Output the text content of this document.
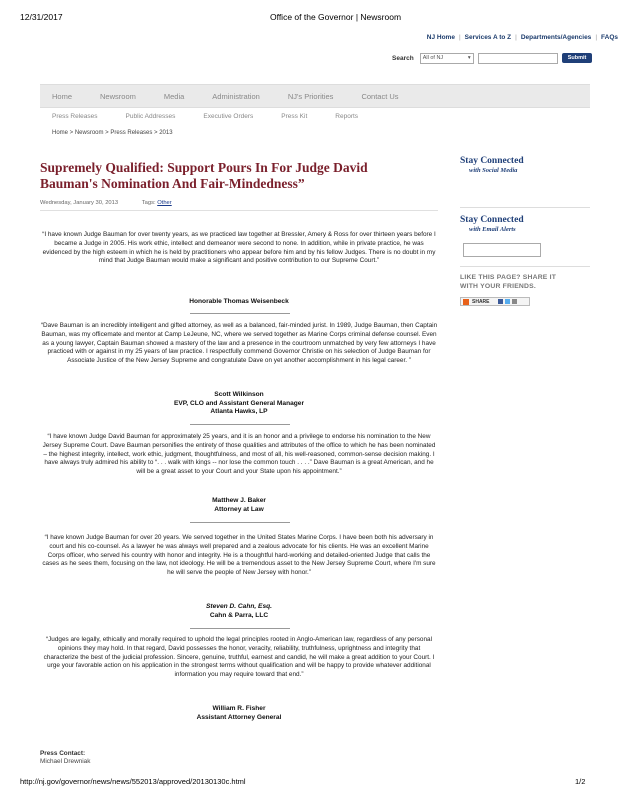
12/31/2017	Office of the Governor | Newsroom
NJ Home | Services A to Z | Departments/Agencies | FAQs
Search All of NJ	▾	Submit
Home	Newsroom	Media	Administration	NJ's Priorities	Contact Us
Press Releases	Public Addresses	Executive Orders	Press Kit	Reports
Home > Newsroom > Press Releases > 2013
Supremely Qualified: Support Pours In For Judge David Bauman's Nomination And Fair-Mindedness”
Wednesday, January 30, 2013	Tags: Other

“I have known Judge Bauman for over twenty years, as we practiced law together at Bressler, Amery & Ross for over thirteen years before I became a Judge in 2005. His work ethic, intellect and demeanor were second to none. In addition, while in private practice, he was evidenced by the high esteem in which he is held by practitioners who appear before him and by his fellow Judges. There is no doubt in my mind that Judge Bauman would make a significant and positive contribution to our Supreme Court.”

Honorable Thomas Weisenbeck

“Dave Bauman is an incredibly intelligent and gifted attorney, as well as a balanced, fair-minded jurist. In 1989, Judge Bauman, then Captain Bauman, was my officemate and mentor at Camp LeJeune, NC, where we served together as Marine Corps criminal defense counsel. Even as a young lawyer, Captain Bauman showed a mastery of the law and a presence in the courtroom unmatched by very few attorneys I have practiced with or against in my 25 years of law practice. I respectfully commend Governor Christie on his selection of Judge Bauman for Associate Justice of the New Jersey Supreme and congratulate Dave on yet another accomplishment in his legal career. ”

Scott Wilkinson
EVP, CLO and Assistant General Manager
Atlanta Hawks, LP

“I have known Judge David Bauman for approximately 25 years, and it is an honor and a privilege to endorse his nomination to the New Jersey Supreme Court. Dave Bauman personifies the entirety of those qualities and attributes of the office to which he has been nominated – the highest integrity, intellect, work ethic, judgment, thoughtfulness, and most of all, his well-reasoned, common-sense decision making. I have always truly admired his ability to “. . . walk with kings -- nor lose the common touch . . . .” Dave Bauman is a great American, and he will be a great asset to your Court and your State upon his appointment.”

Matthew J. Baker
Attorney at Law

“I have known Judge Bauman for over 20 years. We served together in the United States Marine Corps. I have been both his adversary in court and his co-counsel. As a lawyer he was always well prepared and a zealous advocate for his clients. He was an excellent Marine Corps officer, who served his country with honor and integrity. He is a thoughtful hard-working and detailed-oriented Judge that calls the cases as he sees them, focusing on the law, not ideology. He will be a tremendous asset to the New Jersey Supreme Court, where I'm sure he will serve the people of New Jersey with honor.”

Steven D. Cahn, Esq.
Cahn & Parra, LLC

“Judges are legally, ethically and morally required to uphold the legal principles rooted in Anglo-American law, regardless of any personal opinions they may hold. In that regard, David possesses the honor, veracity, reliability, truthfulness, uprightness and integrity that characterize the best of the judicial profession. Sincere, genuine, truthful, earnest and candid, he will make a great addition to your Court. I urge your favorable action on his application in the strongest terms without qualification and will be happy to provide whatever additional information you may require toward that end.”

William R. Fisher
Assistant Attorney General
Press Contact:
Michael Drewniak
Stay Connected
with Social Media
Stay Connected
with Email Alerts
LIKE THIS PAGE? SHARE IT
WITH YOUR FRIENDS.
SHARE
http://nj.gov/governor/news/news/552013/approved/20130130c.html	1/2
